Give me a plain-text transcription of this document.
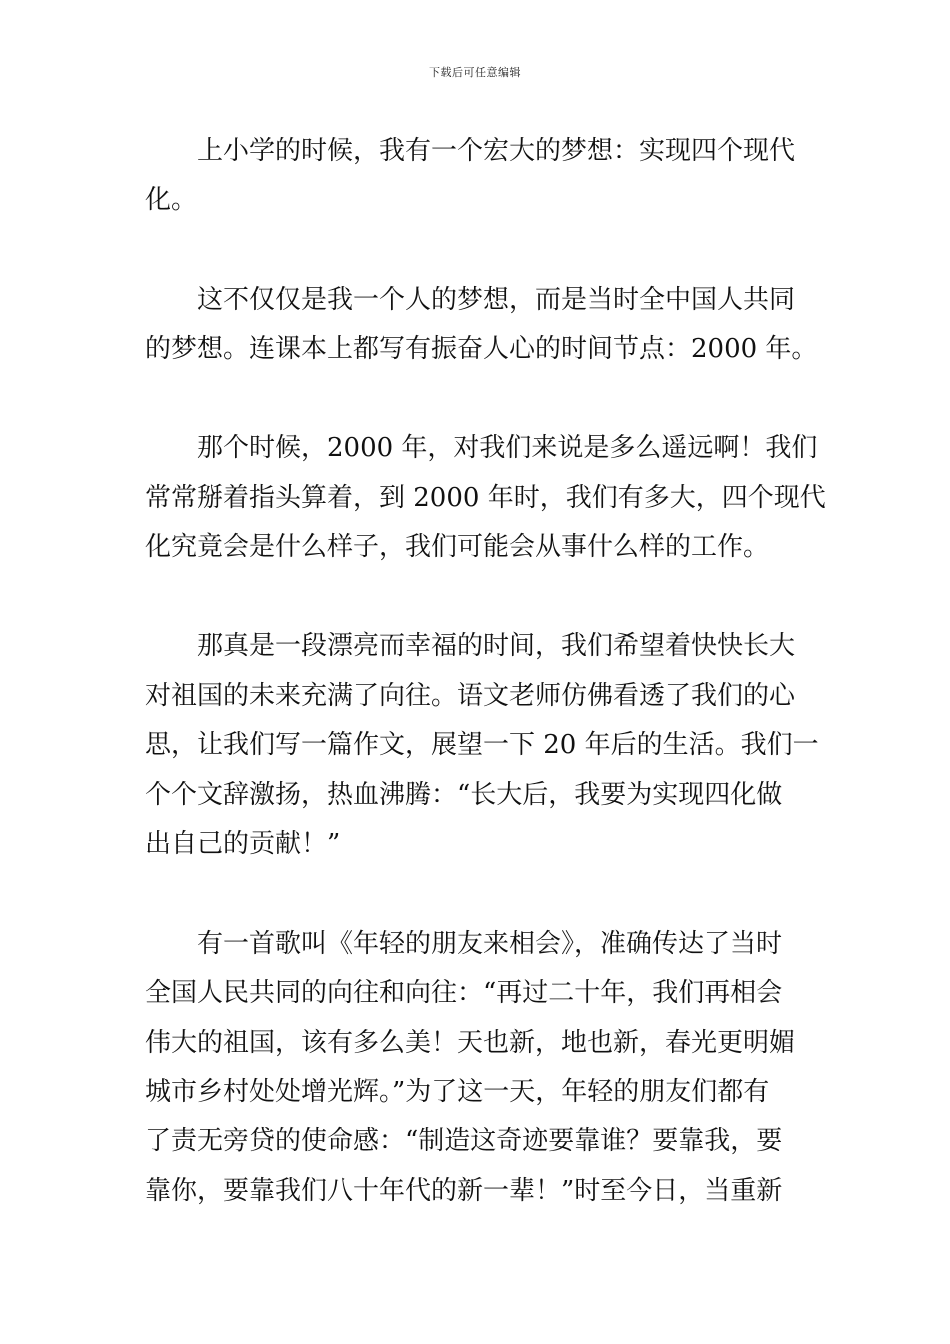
下载后可任意编辑
　　上小学的时候，我有一个宏大的梦想：实现四个现代
化。
　　这不仅仅是我一个人的梦想，而是当时全中国人共同
的梦想。连课本上都写有振奋人心的时间节点：2000 年。
　　那个时候，2000 年，对我们来说是多么遥远啊！我们
常常掰着指头算着，到 2000 年时，我们有多大，四个现代
化究竟会是什么样子，我们可能会从事什么样的工作。
　　那真是一段漂亮而幸福的时间，我们希望着快快长大
对祖国的未来充满了向往。语文老师仿佛看透了我们的心
思，让我们写一篇作文，展望一下 20 年后的生活。我们一
个个文辞激扬，热血沸腾：“长大后，我要为实现四化做
出自己的贡献！”
　　有一首歌叫《年轻的朋友来相会》，准确传达了当时
全国人民共同的向往和向往：“再过二十年，我们再相会
伟大的祖国，该有多么美！天也新，地也新，春光更明媚
城市乡村处处增光辉。”为了这一天，年轻的朋友们都有
了责无旁贷的使命感：“制造这奇迹要靠谁？要靠我，要
靠你，要靠我们八十年代的新一辈！”时至今日，当重新
